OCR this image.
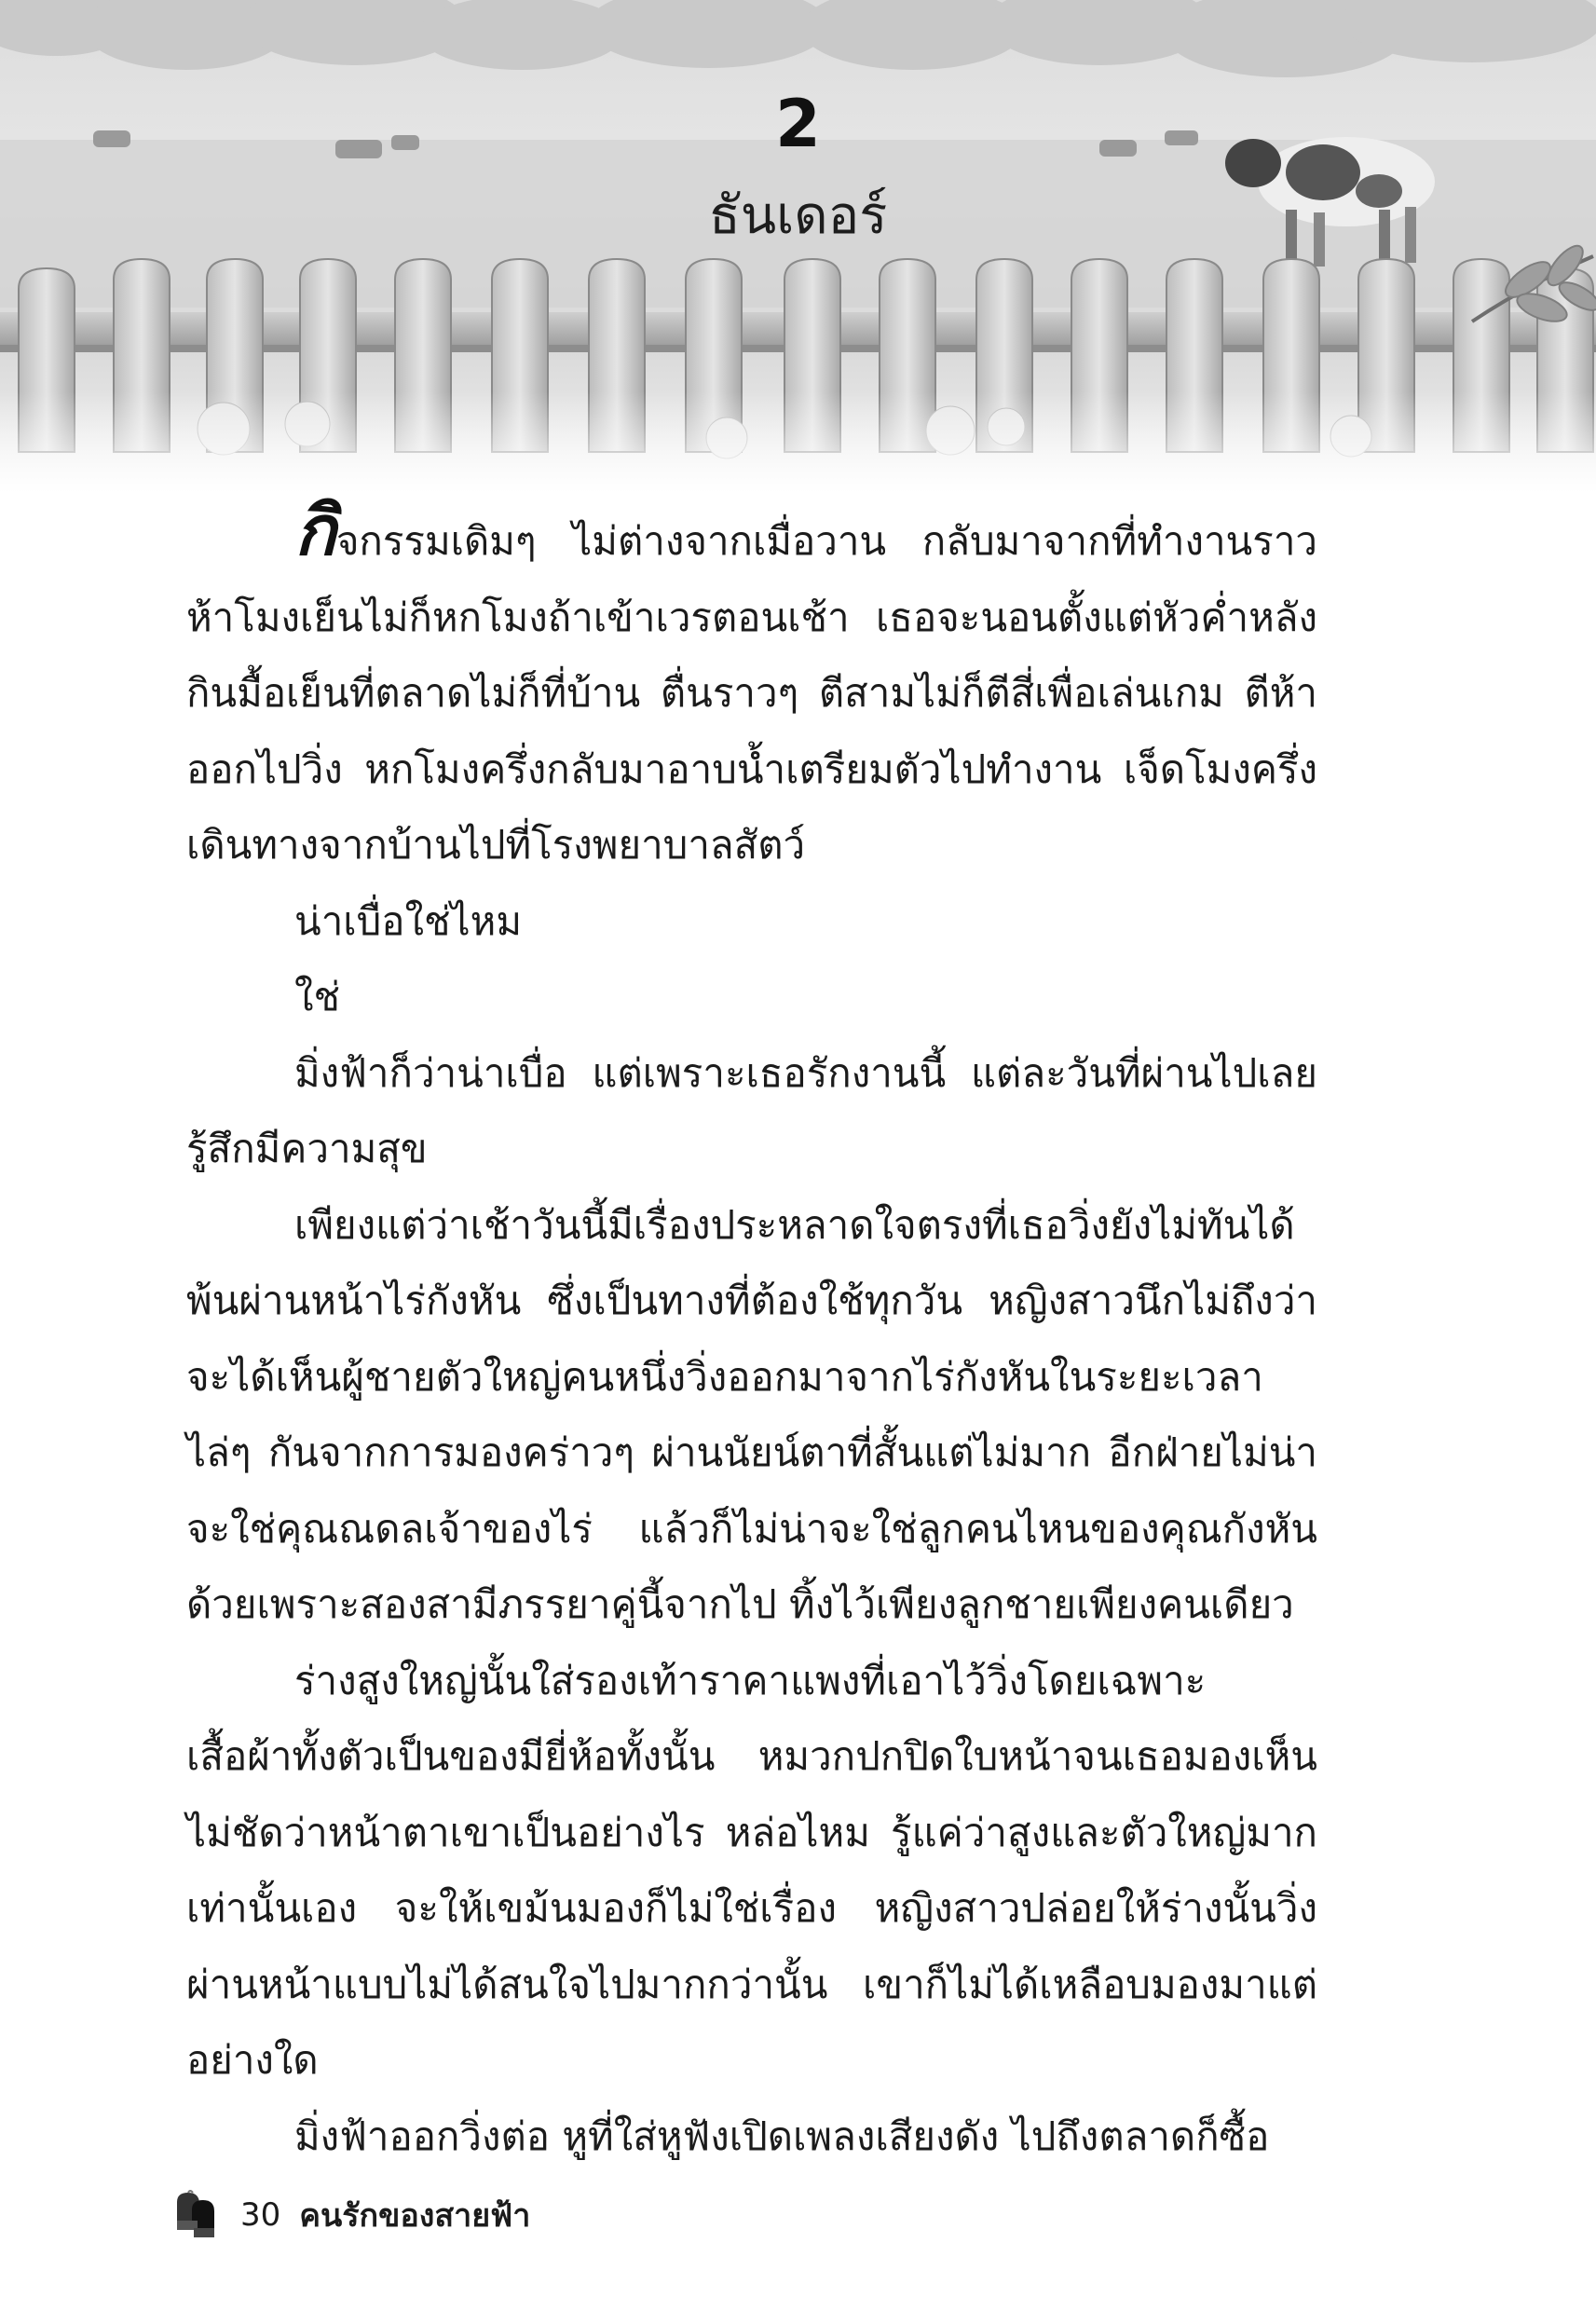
2
ธันเดอร์

กิจกรรมเดิมๆ ไม่ต่างจากเมื่อวาน กลับมาจากที่ทำงานราวห้าโมงเย็นไม่ก็หกโมงถ้าเข้าเวรตอนเช้า เธอจะนอนตั้งแต่หัวค่ำหลังกินมื้อเย็นที่ตลาดไม่ก็ที่บ้าน ตื่นราวๆ ตีสามไม่ก็ตีสี่เพื่อเล่นเกม ตีห้าออกไปวิ่ง หกโมงครึ่งกลับมาอาบน้ำเตรียมตัวไปทำงาน เจ็ดโมงครึ่งเดินทางจากบ้านไปที่โรงพยาบาลสัตว์

น่าเบื่อใช่ไหม

ใช่

มิ่งฟ้าก็ว่าน่าเบื่อ แต่เพราะเธอรักงานนี้ แต่ละวันที่ผ่านไปเลยรู้สึกมีความสุข

เพียงแต่ว่าเช้าวันนี้มีเรื่องประหลาดใจตรงที่เธอวิ่งยังไม่ทันได้พ้นผ่านหน้าไร่กังหัน ซึ่งเป็นทางที่ต้องใช้ทุกวัน หญิงสาวนึกไม่ถึงว่าจะได้เห็นผู้ชายตัวใหญ่คนหนึ่งวิ่งออกมาจากไร่กังหันในระยะเวลาไล่ๆ กันจากการมองคร่าวๆ ผ่านนัยน์ตาที่สั้นแต่ไม่มาก อีกฝ่ายไม่น่าจะใช่คุณณดลเจ้าของไร่ แล้วก็ไม่น่าจะใช่ลูกคนไหนของคุณกังหันด้วยเพราะสองสามีภรรยาคู่นี้จากไป ทิ้งไว้เพียงลูกชายเพียงคนเดียว

ร่างสูงใหญ่นั้นใส่รองเท้าราคาแพงที่เอาไว้วิ่งโดยเฉพาะ เสื้อผ้าทั้งตัวเป็นของมียี่ห้อทั้งนั้น หมวกปกปิดใบหน้าจนเธอมองเห็นไม่ชัดว่าหน้าตาเขาเป็นอย่างไร หล่อไหม รู้แค่ว่าสูงและตัวใหญ่มากเท่านั้นเอง จะให้เขม้นมองก็ไม่ใช่เรื่อง หญิงสาวปล่อยให้ร่างนั้นวิ่งผ่านหน้าแบบไม่ได้สนใจไปมากกว่านั้น เขาก็ไม่ได้เหลือบมองมาแต่อย่างใด

มิ่งฟ้าออกวิ่งต่อ หูที่ใส่หูฟังเปิดเพลงเสียงดัง ไปถึงตลาดก็ซื้อ

30 คนรักของสายฟ้า
